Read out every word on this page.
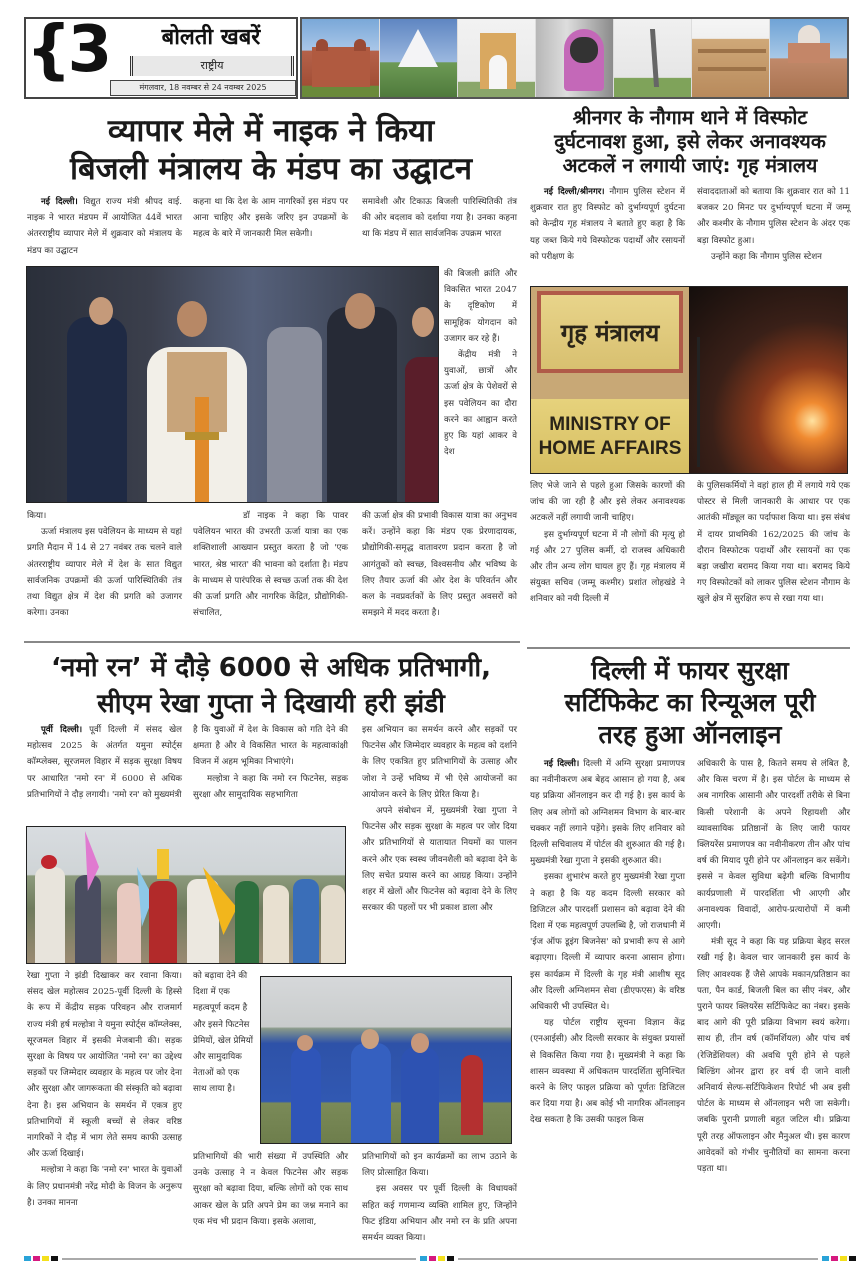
{3	बोलती खबरें
राष्ट्रीय
मंगलवार, 18 नवम्बर से 24 नवम्बर 2025
व्यापार मेले में नाइक ने किया
बिजली मंत्रालय के मंडप का उद्घाटन

नई दिल्ली। विद्युत राज्य मंत्री श्रीपद वाई. नाइक ने भारत मंडपम में आयोजित 44वें भारत अंतरराष्ट्रीय व्यापार मेले में शुक्रवार को मंत्रालय के मंडप का उद्घाटन

कहना था कि देश के आम नागरिकों इस मंडप पर आना चाहिए और इसके जरिए इन उपक्रमों के महत्व के बारे में जानकारी मिल सकेगी।

समावेशी और टिकाऊ बिजली पारिस्थितिकी तंत्र की ओर बदलाव को दर्शाया गया है। उनका कहना था कि मंडप में सात सार्वजनिक उपक्रम भारत

की बिजली क्रांति और विकसित भारत 2047 के दृष्टिकोण में सामूहिक योगदान को उजागर कर रहे हैं।

केंद्रीय मंत्री ने युवाओं, छात्रों और ऊर्जा क्षेत्र के पेशेवरों से इस पवेलियन का दौरा करने का आह्वान करते हुए कि यहां आकर वे देश

किया।

ऊर्जा मंत्रालय इस पवेलियन के माध्यम से यहां प्रगति मैदान में 14 से 27 नवंबर तक चलने वाले अंतरराष्ट्रीय व्यापार मेले में देश के सात विद्युत सार्वजनिक उपक्रमों की ऊर्जा पारिस्थितिकी तंत्र तथा विद्युत क्षेत्र में देश की प्रगति को उजागर करेगा। उनका

डॉ नाइक ने कहा कि पावर पवेलियन भारत की उभरती ऊर्जा यात्रा का एक शक्तिशाली आख्यान प्रस्तुत करता है जो 'एक भारत, श्रेष्ठ भारत' की भावना को दर्शाता है। मंडप के माध्यम से पारंपरिक से स्वच्छ ऊर्जा तक की देश की ऊर्जा प्रगति और नागरिक केंद्रित, प्रौद्योगिकी-संचालित,

की ऊर्जा क्षेत्र की प्रभावी विकास यात्रा का अनुभव करें। उन्होंने कहा कि मंडप एक प्रेरणादायक, प्रौद्योगिकी-समृद्ध वातावरण प्रदान करता है जो आगंतुकों को स्वच्छ, विश्वसनीय और भविष्य के लिए तैयार ऊर्जा की ओर देश के परिवर्तन और कल के नवप्रवर्तकों के लिए प्रस्तुत अवसरों को समझने में मदद करता है।

श्रीनगर के नौगाम थाने में विस्फोट
दुर्घटनावश हुआ, इसे लेकर अनावश्यक
अटकलें न लगायी जाएं: गृह मंत्रालय

नई दिल्ली/श्रीनगर। नौगाम पुलिस स्टेशन में शुक्रवार रात हुए विस्फोट को दुर्भाग्यपूर्ण दुर्घटना को केन्द्रीय गृह मंत्रालय ने बताते हुए कहा है कि यह जब्त किये गये विस्फोटक पदार्थों और रसायनों को परीक्षण के

संवाददाताओं को बताया कि शुक्रवार रात को 11 बजकर 20 मिनट पर दुर्भाग्यपूर्ण घटना में जम्मू और कश्मीर के नौगाम पुलिस स्टेशन के अंदर एक बड़ा विस्फोट हुआ।

उन्होंने कहा कि नौगाम पुलिस स्टेशन

गृह मंत्रालय
MINISTRY OF
HOME AFFAIRS

लिए भेजे जाने से पहले हुआ जिसके कारणों की जांच की जा रही है और इसे लेकर अनावश्यक अटकलें नहीं लगायी जानी चाहिए।

इस दुर्भाग्यपूर्ण घटना में नौ लोगों की मृत्यु हो गई और 27 पुलिस कर्मी, दो राजस्व अधिकारी और तीन अन्य लोग घायल हुए हैं। गृह मंत्रालय में संयुक्त सचिव (जम्मू कश्मीर) प्रशांत लोहखंडे ने शनिवार को नयी दिल्ली में

के पुलिसकर्मियों ने वहां हाल ही में लगाये गये एक पोस्टर से मिली जानकारी के आधार पर एक आतंकी मॉड्यूल का पर्दाफाश किया था। इस संबंध में दायर प्राथमिकी 162/2025 की जांच के दौरान विस्फोटक पदार्थों और रसायनों का एक बड़ा जखीरा बरामद किया गया था। बरामद किये गए विस्फोटकों को लाकर पुलिस स्टेशन नौगाम के खुले क्षेत्र में सुरक्षित रूप से रखा गया था।

‘नमो रन’ में दौड़े 6000 से अधिक प्रतिभागी,
सीएम रेखा गुप्ता ने दिखायी हरी झंडी

पूर्वी दिल्ली। पूर्वी दिल्ली में संसद खेल महोत्सव 2025 के अंतर्गत यमुना स्पोर्ट्स कॉम्प्लेक्स, सूरजमल विहार में सड़क सुरक्षा विषय पर आधारित 'नमो रन' में 6000 से अधिक प्रतिभागियों ने दौड़ लगायी। 'नमो रन' को मुख्यमंत्री

है कि युवाओं में देश के विकास को गति देने की क्षमता है और वे विकसित भारत के महत्वाकांक्षी विजन में अहम भूमिका निभाएंगे।

मल्होत्रा ने कहा कि नमो रन फिटनेस, सड़क सुरक्षा और सामुदायिक सहभागिता

इस अभियान का समर्थन करने और सड़कों पर फिटनेस और जिम्मेदार व्यवहार के महत्व को दर्शाने के लिए एकत्रित हुए प्रतिभागियों के उत्साह और जोश ने उन्हें भविष्य में भी ऐसे आयोजनों का आयोजन करने के लिए प्रेरित किया है।

अपने संबोधन में, मुख्यमंत्री रेखा गुप्ता ने फिटनेस और सड़क सुरक्षा के महत्व पर जोर दिया और प्रतिभागियों से यातायात नियमों का पालन करने और एक स्वस्थ जीवनशैली को बढ़ावा देने के लिए सचेत प्रयास करने का आग्रह किया। उन्होंने शहर में खेलों और फिटनेस को बढ़ावा देने के लिए सरकार की पहलों पर भी प्रकाश डाला और

रेखा गुप्ता ने झंडी दिखाकर कर रवाना किया। संसद खेल महोत्सव 2025-पूर्वी दिल्ली के हिस्से के रूप में केंद्रीय सड़क परिवहन और राजमार्ग राज्य मंत्री हर्ष मल्होत्रा ने यमुना स्पोर्ट्स कॉम्प्लेक्स, सूरजमल विहार में इसकी मेजबानी की। सड़क सुरक्षा के विषय पर आयोजित 'नमो रन' का उद्देश्य सड़कों पर जिम्मेदार व्यवहार के महत्व पर जोर देना और सुरक्षा और जागरूकता की संस्कृति को बढ़ावा देना है। इस अभियान के समर्थन में एकत्र हुए प्रतिभागियों में स्कूली बच्चों से लेकर वरिष्ठ नागरिकों ने दौड़ में भाग लेते समय काफी उत्साह और ऊर्जा दिखाई।

मल्होत्रा ने कहा कि 'नमो रन' भारत के युवाओं के लिए प्रधानमंत्री नरेंद्र मोदी के विजन के अनुरूप है। उनका मानना

को बढ़ावा देने की दिशा में एक महत्वपूर्ण कदम है और इसने फिटनेस प्रेमियों, खेल प्रेमियों और सामुदायिक नेताओं को एक साथ लाया है।

प्रतिभागियों की भारी संख्या में उपस्थिति और उनके उत्साह ने न केवल फिटनेस और सड़क सुरक्षा को बढ़ावा दिया, बल्कि लोगों को एक साथ आकर खेल के प्रति अपने प्रेम का जश्न मनाने का एक मंच भी प्रदान किया। इसके अलावा,

प्रतिभागियों को इन कार्यक्रमों का लाभ उठाने के लिए प्रोत्साहित किया।

इस अवसर पर पूर्वी दिल्ली के विधायकों सहित कई गणमान्य व्यक्ति शामिल हुए, जिन्होंने फिट इंडिया अभियान और नमो रन के प्रति अपना समर्थन व्यक्त किया।

दिल्ली में फायर सुरक्षा
सर्टिफिकेट का रिन्यूअल पूरी
तरह हुआ ऑनलाइन

नई दिल्ली। दिल्ली में अग्नि सुरक्षा प्रमाणपत्र का नवीनीकरण अब बेहद आसान हो गया है, अब यह प्रक्रिया ऑनलाइन कर दी गई है। इस कार्य के लिए अब लोगों को अग्निशमन विभाग के बार-बार चक्कर नहीं लगाने पड़ेंगे। इसके लिए शनिवार को दिल्ली सचिवालय में पोर्टल की शुरुआत की गई है। मुख्यमंत्री रेखा गुप्ता ने इसकी शुरुआत की।

इसका शुभारंभ करते हुए मुख्यमंत्री रेखा गुप्ता ने कहा है कि यह कदम दिल्ली सरकार को डिजिटल और पारदर्शी प्रशासन को बढ़ावा देने की दिशा में एक महत्वपूर्ण उपलब्धि है, जो राजधानी में 'ईज ऑफ डूइंग बिजनेस' को प्रभावी रूप से आगे बढ़ाएगा। दिल्ली में व्यापार करना आसान होगा। इस कार्यक्रम में दिल्ली के गृह मंत्री आशीष सूद और दिल्ली अग्निशमन सेवा (डीएफएस) के वरिष्ठ अधिकारी भी उपस्थित थे।

यह पोर्टल राष्ट्रीय सूचना विज्ञान केंद्र (एनआईसी) और दिल्ली सरकार के संयुक्त प्रयासों से विकसित किया गया है। मुख्यमंत्री ने कहा कि शासन व्यवस्था में अधिकतम पारदर्शिता सुनिश्चित करने के लिए फाइल प्रक्रिया को पूर्णतः डिजिटल कर दिया गया है। अब कोई भी नागरिक ऑनलाइन देख सकता है कि उसकी फाइल किस

अधिकारी के पास है, कितने समय से लंबित है, और किस चरण में है। इस पोर्टल के माध्यम से अब नागरिक आसानी और पारदर्शी तरीके से बिना किसी परेशानी के अपने रिहायशी और व्यावसायिक प्रतिष्ठानों के लिए जारी फायर क्लियरेंस प्रमाणपत्र का नवीनीकरण तीन और पांच वर्ष की मियाद पूरी होने पर ऑनलाइन कर सकेंगे। इससे न केवल सुविधा बढ़ेगी बल्कि विभागीय कार्यप्रणाली में पारदर्शिता भी आएगी और अनावश्यक विवादों, आरोप-प्रत्यारोपों में कमी आएगी।

मंत्री सूद ने कहा कि यह प्रक्रिया बेहद सरल रखी गई है। केवल चार जानकारी इस कार्य के लिए आवश्यक हैं जैसे आपके मकान/प्रतिष्ठान का पता, पैन कार्ड, बिजली बिल का सीए नंबर, और पुराने फायर क्लियरेंस सर्टिफिकेट का नंबर। इसके बाद आगे की पूरी प्रक्रिया विभाग स्वयं करेगा। साथ ही, तीन वर्ष (कॉमर्शियल) और पांच वर्ष (रेजिडेंशियल) की अवधि पूरी होने से पहले बिल्डिंग ओनर द्वारा हर वर्ष दी जाने वाली अनिवार्य सेल्फ-सर्टिफिकेशन रिपोर्ट भी अब इसी पोर्टल के माध्यम से ऑनलाइन भरी जा सकेगी। जबकि पुरानी प्रणाली बहुत जटिल थी। प्रक्रिया पूरी तरह ऑफलाइन और मैनुअल थी। इस कारण आवेदकों को गंभीर चुनौतियों का सामना करना पड़ता था।
